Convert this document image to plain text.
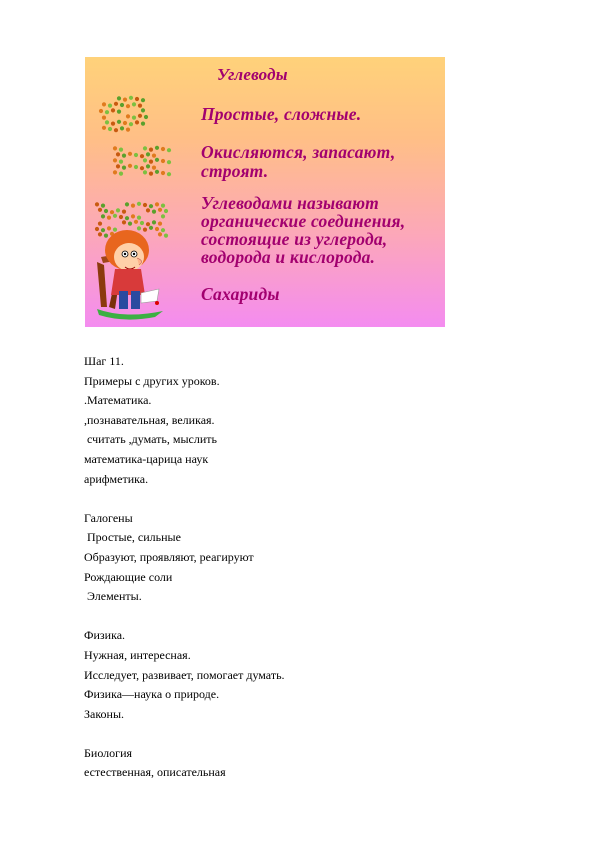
Углеводы
Простые, сложные.
Окисляются, запасают,
строят.
Углеводами называют
органические соединения,
состоящие из углерода,
водорода и кислорода.
Сахариды

Шаг 11.

Примеры с других уроков.

.Математика.

,познавательная, великая.

считать ,думать, мыслить

математика-царица наук

арифметика.

Галогены

Простые, сильные

Образуют, проявляют, реагируют

Рождающие соли

Элементы.

Физика.

Нужная, интересная.

Исследует, развивает, помогает думать.

Физика—наука о природе.

Законы.

Биология

естественная, описательная
